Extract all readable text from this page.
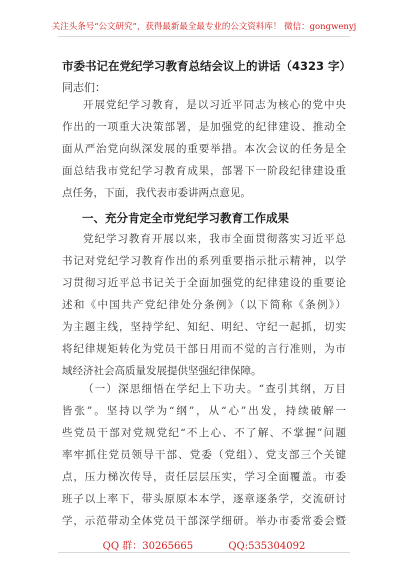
关注头条号“公文研究”，获得最新最全最专业的公文资料库！ 微信：gongwenyj
市委书记在党纪学习教育总结会议上的讲话（4323 字）
同志们：
开展党纪学习教育，是以习近平同志为核心的党中央
作出的一项重大决策部署，是加强党的纪律建设、推动全
面从严治党向纵深发展的重要举措。本次会议的任务是全
面总结我市党纪学习教育成果，部署下一阶段纪律建设重
点任务，下面，我代表市委讲两点意见。
一、充分肯定全市党纪学习教育工作成果
党纪学习教育开展以来，我市全面贯彻落实习近平总
书记对党纪学习教育作出的系列重要指示批示精神，以学
习贯彻习近平总书记关于全面加强党的纪律建设的重要论
述和《中国共产党纪律处分条例》（以下简称《条例》）
为主题主线，坚持学纪、知纪、明纪、守纪一起抓，切实
将纪律规矩转化为党员干部日用而不觉的言行准则，为市
域经济社会高质量发展提供坚强纪律保障。
（一）深思细悟在学纪上下功夫。“查引其纲，万目
皆张”。坚持以学为“纲”，从“心”出发，持续破解一
些党员干部对党规党纪“不上心、不了解、不掌握”问题
率牢抓住党员领导干部、党委（党组）、党支部三个关键
点，压力梯次传导，责任层层压实，学习全面覆盖。市委
班子以上率下，带头原原本本学，逐章逐条学，交流研讨
学，示范带动全体党员干部深学细研。举办市委常委会暨
QQ 群：30265665	QQ:535304092
